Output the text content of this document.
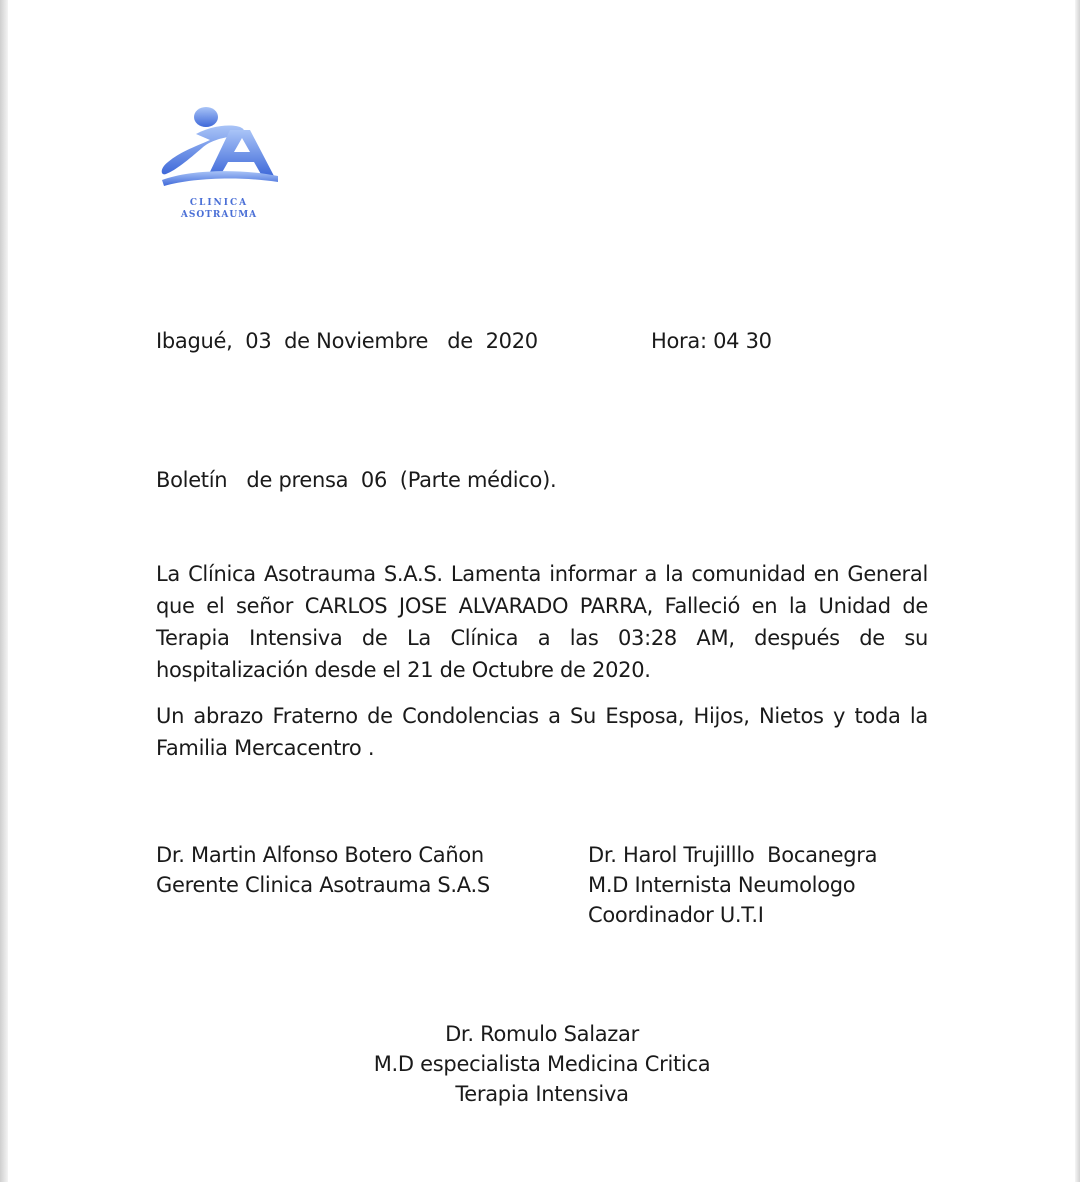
CLINICA
ASOTRAUMA
Ibagué,  03  de Noviembre   de  2020	Hora: 04 30
Boletín   de prensa  06  (Parte médico).
La Clínica Asotrauma S.A.S. Lamenta informar a la comunidad en General que el señor CARLOS JOSE ALVARADO PARRA, Falleció en la Unidad de Terapia Intensiva de La Clínica a las 03:28 AM, después de su hospitalización desde el 21 de Octubre de 2020.
Un abrazo Fraterno de Condolencias a Su Esposa, Hijos, Nietos y toda la Familia Mercacentro .
Dr. Martin Alfonso Botero Cañon
Gerente Clinica Asotrauma S.A.S
Dr. Harol Trujilllo  Bocanegra
M.D Internista Neumologo
Coordinador U.T.I
Dr. Romulo Salazar
M.D especialista Medicina Critica
Terapia Intensiva
